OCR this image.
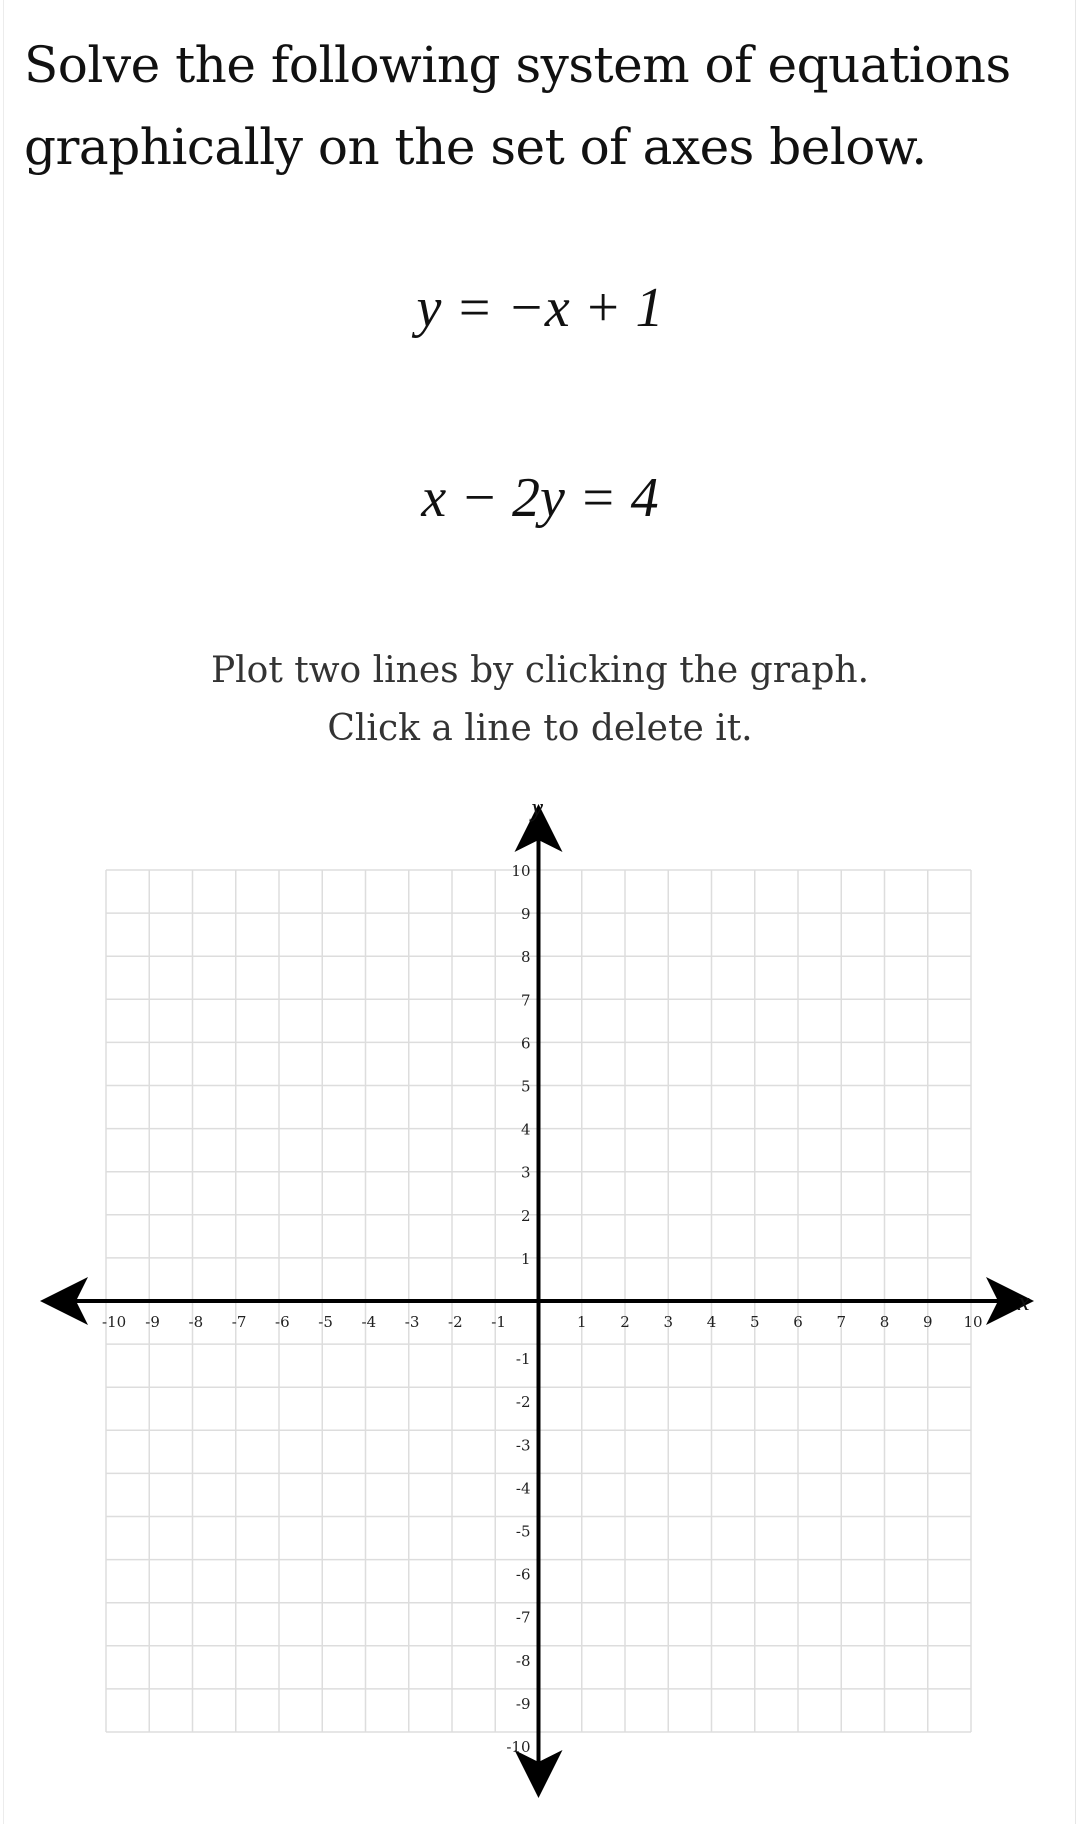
Solve the following system of equations
graphically on the set of axes below.
y = −x + 1
x − 2y = 4
Plot two lines by clicking the graph.
Click a line to delete it.
-10 -9 -8 -7 -6 -5 -4 -3 -2 -1	1 2 3 4 5 6 7 8 9 10
10
9
8
7
6
5
4
3
2
1
-1
-2
-3
-4
-5
-6
-7
-8
-9
-10
x
y
